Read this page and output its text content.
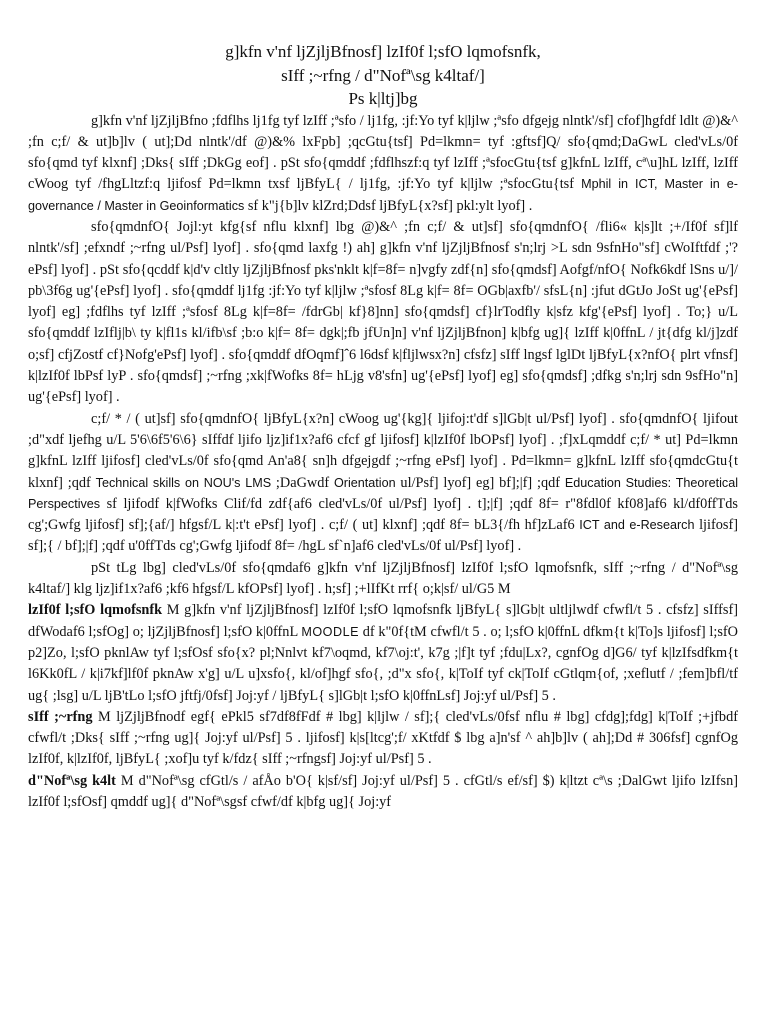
g]kfn v'nf ljZjljBfnosf] lzIf0f l;sfO lqmofsnfk,
sIff ;~rfng / d"Nofª\sg k4ltaf/]
Ps k|ltj]bg

g]kfn v'nf ljZjljBfno ;fdflhs lj1fg tyf lzIff ;ªsfo / lj1fg, :jf:Yo tyf k|ljlw ;ªsfo dfgejg nlntk'/sf] cfof]hgfdf ldlt @)&^ ;fn c;f/ & ut]b]lv ( ut];Dd nlntk'/df @)&% lxFpb] ;qcGtu{tsf] Pd=lkmn= tyf :gftsf]Q/ sfo{qmd;DaGwL cled'vLs/0f sfo{qmd tyf klxnf] ;Dks{ sIff ;DkGg eof] . pSt sfo{qmddf ;fdflhszf:q tyf lzIff ;ªsfocGtu{tsf g]kfnL lzIff, cª\u]hL lzIff, lzIff cWoog tyf /fhgLltzf:q ljifosf Pd=lkmn txsf ljBfyL{ / lj1fg, :jf:Yo tyf k|ljlw ;ªsfocGtu{tsf Mphil in ICT, Master in e-governance / Master in Geoinformatics sf k"j{b]lv klZrd;Ddsf ljBfyL{x?sf] pkl:ylt lyof] .

sfo{qmdnfO{ Jojl:yt kfg{sf nflu klxnf] lbg @)&^ ;fn c;f/ & ut]sf] sfo{qmdnfO{ /fli6« k|s]lt ;+/If0f sf]lf nlntk'/sf] ;efxndf ;~rfng ul/Psf] lyof] . sfo{qmd laxfg !) ah] g]kfn v'nf ljZjljBfnosf s'n;lrj >L sdn 9sfnHo"sf] cWoIftfdf ;'? ePsf] lyof] . pSt sfo{qcddf k|d'v cltly ljZjljBfnosf pks'nklt k|f=8f= n]vgfy zdf{n] sfo{qmdsf] Aofgf/nfO{ Nofk6kdf lSns u/]/ pb\3f6g ug'{ePsf] lyof] . sfo{qmddf lj1fg :jf:Yo tyf k|ljlw ;ªsfosf 8Lg k|f= 8f= OGb|axfb'/ sfsL{n] :jfut dGtJo JoSt ug'{ePsf] lyof] eg] ;fdflhs tyf lzIff ;ªsfosf 8Lg k|f=8f= /fdrGb| kf}8]nn] sfo{qmdsf] cf}lrTodfly k|sfz kfg'{ePsf] lyof] . To;} u/L sfo{qmddf lzIflj|b\ ty k|fl1s kl/ifb\sf ;b:o k|f= 8f= dgk|;fb jfUn]n] v'nf ljZjljBfnon] k|bfg ug]{ lzIff k|0ffnL / jt{dfg kl/j]zdf o;sf] cfjZostf cf}Nofg'ePsf] lyof] . sfo{qmddf dfOqmf]ˆ6 l6dsf k|fljlwsx?n] cfsfz] sIff lngsf lglDt ljBfyL{x?nfO{ plrt vfnsf] k|lzIf0f lbPsf lyP . sfo{qmdsf] ;~rfng ;xk|fWofks 8f= hLjg v8'sfn] ug'{ePsf] lyof] eg] sfo{qmdsf] ;dfkg s'n;lrj sdn 9sfHo"n] ug'{ePsf] lyof] .

c;f/ * / ( ut]sf] sfo{qmdnfO{ ljBfyL{x?n] cWoog ug'{kg]{ ljifoj:t'df s]lGb|t ul/Psf] lyof] . sfo{qmdnfO{ ljifout ;d"xdf ljefhg u/L 5'6\6f5'6\6} sIffdf ljifo ljz]if1x?af6 cfcf gf ljifosf] k|lzIf0f lbOPsf] lyof] . ;f]xLqmddf c;f/ * ut] Pd=lkmn g]kfnL lzIff ljifosf] cled'vLs/0f sfo{qmd An'a8{ sn]h dfgejgdf ;~rfng ePsf] lyof] . Pd=lkmn= g]kfnL lzIff sfo{qmdcGtu{t klxnf] ;qdf Technical skills on NOU's LMS ;DaGwdf Orientation ul/Psf] lyof] eg] bf];|f] ;qdf Education Studies: Theoretical Perspectives sf ljifodf k|fWofks Clif/fd zdf{af6 cled'vLs/0f ul/Psf] lyof] . t];|f] ;qdf 8f= r"8fdl0f kf08]af6 kl/df0ffTds cg';Gwfg ljifosf] sf];{af/] hfgsf/L k|:t't ePsf] lyof] . c;f/ ( ut] klxnf] ;qdf 8f= bL3{/fh hf]zLaf6 ICT and e-Research ljifosf] sf];{ / bf];|f] ;qdf u'0ffTds cg';Gwfg ljifodf 8f= /hgL sf`n]af6 cled'vLs/0f ul/Psf] lyof] .

pSt tLg lbg] cled'vLs/0f sfo{qmdaf6 g]kfn v'nf ljZjljBfnosf] lzIf0f l;sfO lqmofsnfk, sIff ;~rfng / d"Nofª\sg k4ltaf/] klg ljz]if1x?af6 ;kf6 hfgsf/L kfOPsf] lyof] . h;sf] ;+lIfKt rrf{ o;k|sf/ ul/G5 M

lzIf0f l;sfO lqmofsnfk M g]kfn v'nf ljZjljBfnosf] lzIf0f l;sfO lqmofsnfk ljBfyL{ s]lGb|t ultljlwdf cfwfl/t 5 . cfsfz] sIffsf] dfWodaf6 l;sfOg] o; ljZjljBfnosf] l;sfO k|0ffnL MOODLE df k"0f{tM cfwfl/t 5 . o; l;sfO k|0ffnL dfkm{t k|To]s ljifosf] l;sfO p2]Zo, l;sfO pknlAw tyf l;sfOsf sfo{x? pl;Nnlvt kf7\oqmd, kf7\oj:t', k7g ;|f]t tyf ;fdu|Lx?, cgnfOg d]G6/ tyf k|lzIfsdfkm{t l6Kk0fL / k|i7kf]lf0f pknAw x'g] u/L u]xsfo{, kl/of]hgf sfo{, ;d"x sfo{, k|ToIf tyf ck|ToIf cGtlqm{of, ;xeflutf / ;fem]bfl/tf ug{ ;lsg] u/L ljB'tLo l;sfO jftfj/0fsf] Joj:yf / ljBfyL{ s]lGb|t l;sfO k|0ffnLsf] Joj:yf ul/Psf] 5 .

sIff ;~rfng M ljZjljBfnodf egf{ ePkl5 sf7df8fFdf # lbg] k|ljlw / sf];{ cled'vLs/0fsf nflu # lbg] cfdg];fdg] k|ToIf ;+jfbdf cfwfl/t ;Dks{ sIff ;~rfng ug]{ Joj:yf ul/Psf] 5 . ljifosf] k|s[ltcg';f/ xKtfdf $ lbg a]n'sf ^ ah]b]lv ( ah];Dd # 306fsf] cgnfOg lzIf0f, k|lzIf0f, ljBfyL{ ;xof]u tyf k/fdz{ sIff ;~rfngsf] Joj:yf ul/Psf] 5 .

d"Nofª\sg k4lt M d"Nofª\sg cfGtl/s / afÅo b'O{ k|sf/sf] Joj:yf ul/Psf] 5 . cfGtl/s ef/sf] $) k|ltzt cª\s ;DalGwt ljifo lzIfsn] lzIf0f l;sfOsf] qmddf ug]{ d"Nofª\sgsf cfwf/df k|bfg ug]{ Joj:yf
